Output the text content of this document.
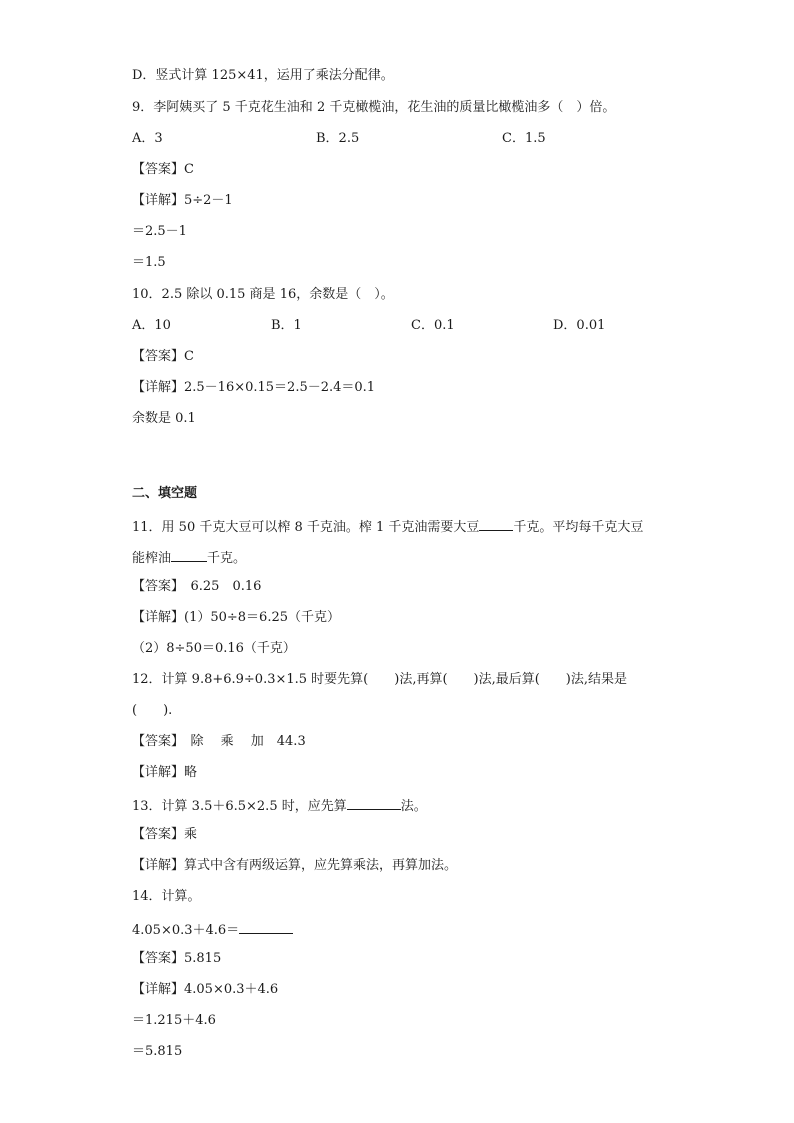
D．竖式计算 125×41，运用了乘法分配律。
9．李阿姨买了 5 千克花生油和 2 千克橄榄油，花生油的质量比橄榄油多（　）倍。
A．3	B．2.5	C．1.5
【答案】C
【详解】5÷2－1
＝2.5－1
＝1.5
10．2.5 除以 0.15 商是 16，余数是（　）。
A．10	B．1	C．0.1	D．0.01
【答案】C
【详解】2.5－16×0.15＝2.5－2.4＝0.1
余数是 0.1
二、填空题
11．用 50 千克大豆可以榨 8 千克油。榨 1 千克油需要大豆	千克。平均每千克大豆
能榨油	千克。
【答案】　6.25　0.16
【详解】(1）50÷8＝6.25（千克）
（2）8÷50＝0.16（千克）
12．计算 9.8+6.9÷0.3×1.5 时要先算(　　)法,再算(　　)法,最后算(　　)法,结果是
(　　).
【答案】　除　 乘　 加　44.3
【详解】略
13．计算 3.5＋6.5×2.5 时，应先算	法。
【答案】乘
【详解】算式中含有两级运算，应先算乘法，再算加法。
14．计算。
4.05×0.3＋4.6＝
【答案】5.815
【详解】4.05×0.3＋4.6
＝1.215＋4.6
＝5.815
